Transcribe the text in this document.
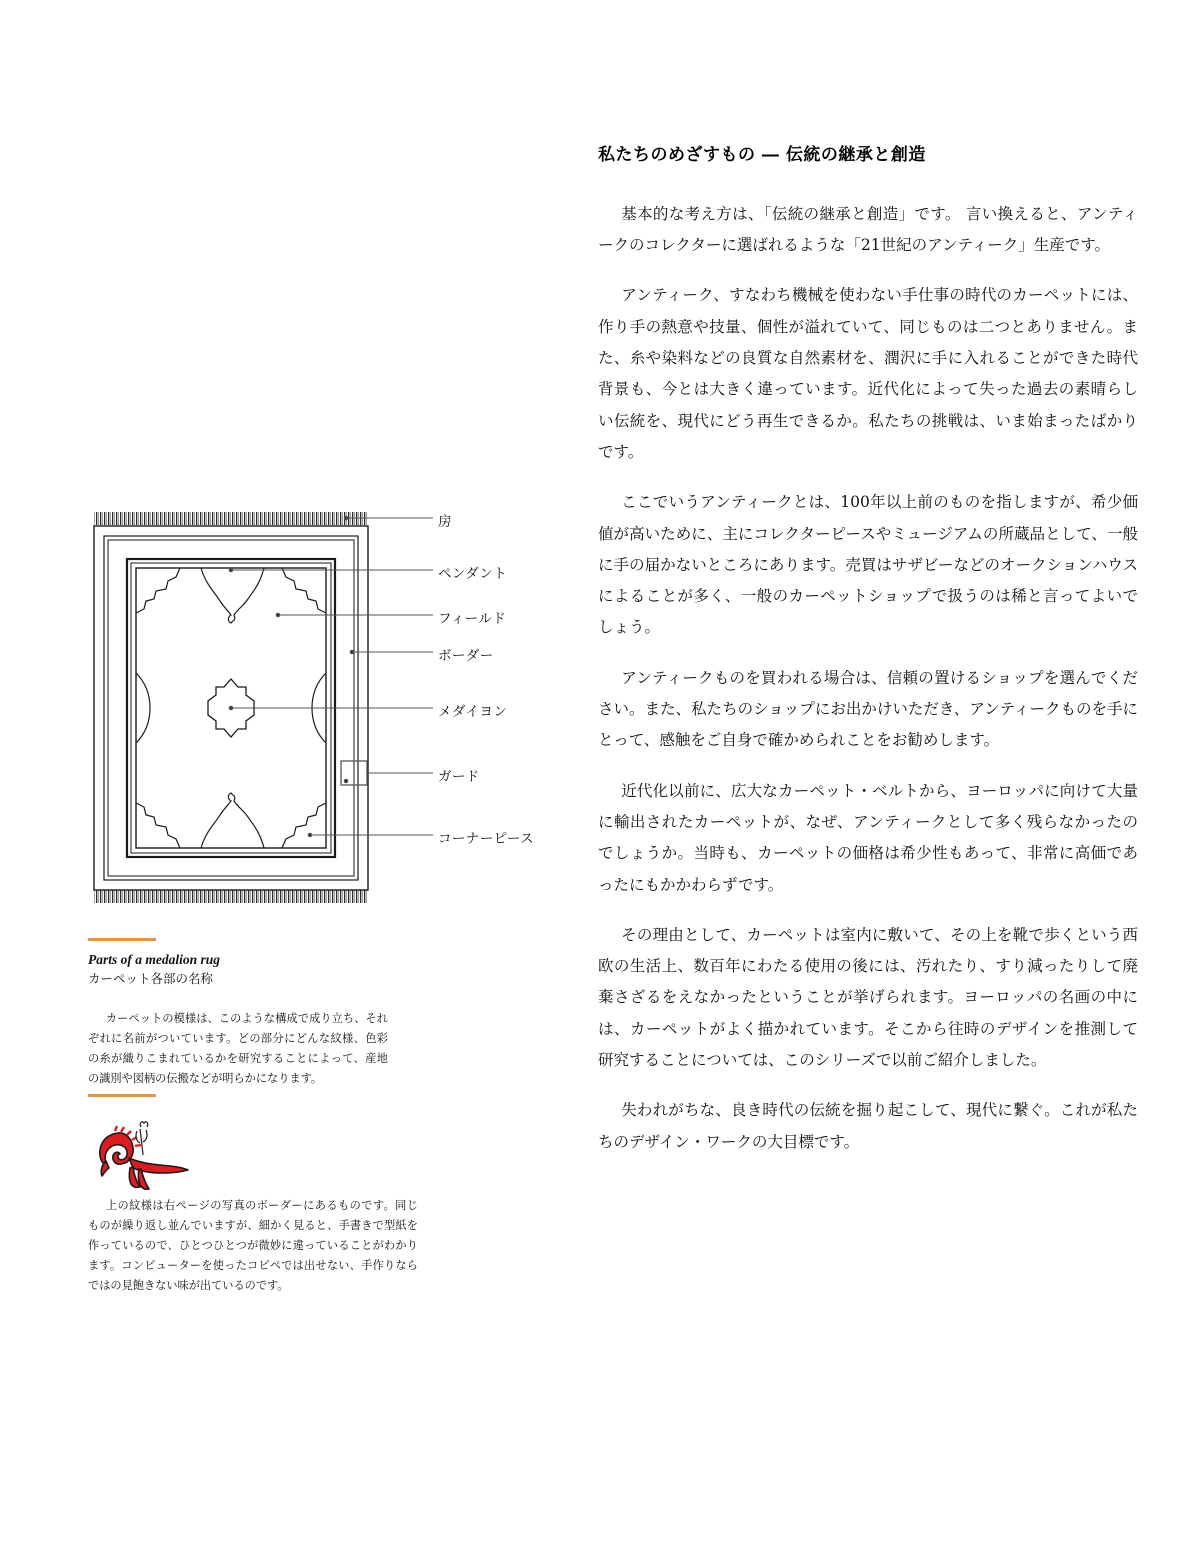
房
ペンダント
フィールド
ボーダー
メダイヨン
ガード
コーナーピース
Parts of a medalion rug
カーペット各部の名称
カーペットの模様は、このような構成で成り立ち、それぞれに名前がついています。どの部分にどんな紋様、色彩の糸が織りこまれているかを研究することによって、産地の識別や図柄の伝搬などが明らかになります。
上の紋様は右ページの写真のボーダーにあるものです。同じものが繰り返し並んでいますが、細かく見ると、手書きで型紙を作っているので、ひとつひとつが微妙に違っていることがわかります。コンピューターを使ったコピペでは出せない、手作りならではの見飽きない味が出ているのです。
私たちのめざすもの ― 伝統の継承と創造

基本的な考え方は、「伝統の継承と創造」です。 言い換えると、アンティークのコレクターに選ばれるような「21世紀のアンティーク」生産です。

アンティーク、すなわち機械を使わない手仕事の時代のカーペットには、作り手の熱意や技量、個性が溢れていて、同じものは二つとありません。また、糸や染料などの良質な自然素材を、潤沢に手に入れることができた時代背景も、今とは大きく違っています。近代化によって失った過去の素晴らしい伝統を、現代にどう再生できるか。私たちの挑戦は、いま始まったばかりです。

ここでいうアンティークとは、100年以上前のものを指しますが、希少価値が高いために、主にコレクターピースやミュージアムの所蔵品として、一般に手の届かないところにあります。売買はサザビーなどのオークションハウスによることが多く、一般のカーペットショップで扱うのは稀と言ってよいでしょう。

アンティークものを買われる場合は、信頼の置けるショップを選んでください。また、私たちのショップにお出かけいただき、アンティークものを手にとって、感触をご自身で確かめられことをお勧めします。

近代化以前に、広大なカーペット・ベルトから、ヨーロッパに向けて大量に輸出されたカーペットが、なぜ、アンティークとして多く残らなかったのでしょうか。当時も、カーペットの価格は希少性もあって、非常に高価であったにもかかわらずです。

その理由として、カーペットは室内に敷いて、その上を靴で歩くという西欧の生活上、数百年にわたる使用の後には、汚れたり、すり減ったりして廃棄さざるをえなかったということが挙げられます。ヨーロッパの名画の中には、カーペットがよく描かれています。そこから往時のデザインを推測して研究することについては、このシリーズで以前ご紹介しました。

失われがちな、良き時代の伝統を掘り起こして、現代に繋ぐ。これが私たちのデザイン・ワークの大目標です。
